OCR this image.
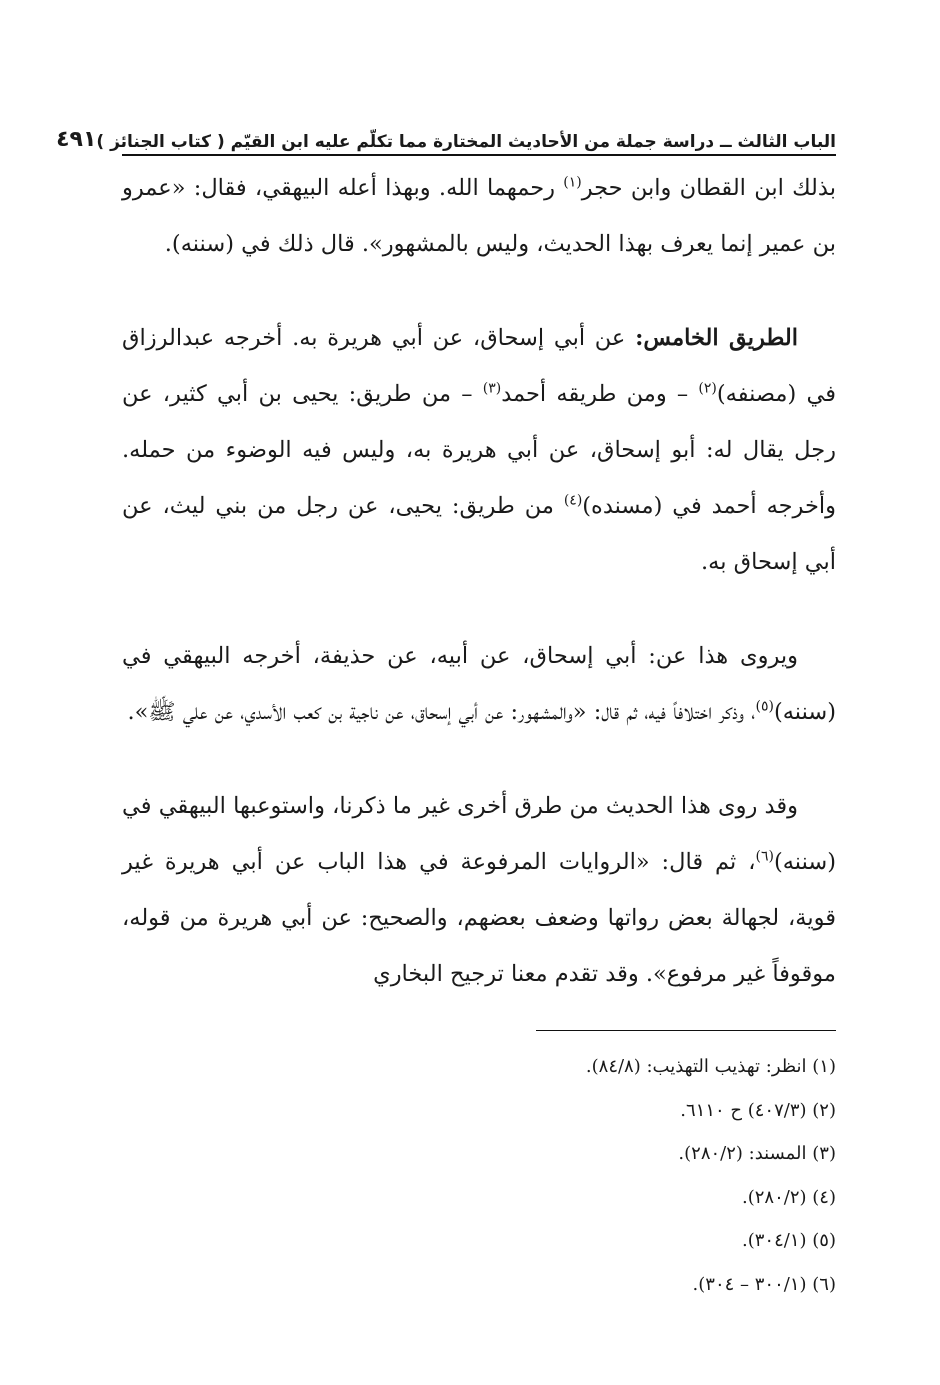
الباب الثالث ــ دراسة جملة من الأحاديث المختارة مما تكلّم عليه ابن القيّم ( كتاب الجنائز )
٤٩١

بذلك ابن القطان وابن حجر$^{(١)}$ رحمهما الله. وبهذا أعله البيهقي، فقال: «عمرو بن عمير إنما يعرف بهذا الحديث، وليس بالمشهور». قال ذلك في (سننه).

الطريق الخامس: عن أبي إسحاق، عن أبي هريرة به. أخرجه عبدالرزاق في (مصنفه)$^{(٢)}$ – ومن طريقه أحمد$^{(٣)}$ – من طريق: يحيى بن أبي كثير، عن رجل يقال له: أبو إسحاق، عن أبي هريرة به، وليس فيه الوضوء من حمله. وأخرجه أحمد في (مسنده)$^{(٤)}$ من طريق: يحيى، عن رجل من بني ليث، عن أبي إسحاق به.

ويروى هذا عن: أبي إسحاق، عن أبيه، عن حذيفة، أخرجه البيهقي في (سننه)$^{(٥)}$، وذكر اختلافاً فيه، ثم قال: «والمشهور: عن أبي إسحاق، عن ناجية بن كعب الأسدي، عن علي ﷺ».

وقد روى هذا الحديث من طرق أخرى غير ما ذكرنا، واستوعبها البيهقي في (سننه)$^{(٦)}$، ثم قال: «الروايات المرفوعة في هذا الباب عن أبي هريرة غير قوية، لجهالة بعض رواتها وضعف بعضهم، والصحيح: عن أبي هريرة من قوله، موقوفاً غير مرفوع». وقد تقدم معنا ترجيح البخاري

(١) انظر: تهذيب التهذيب: (٨٤/٨).
(٢) (٤٠٧/٣) ح ٦١١٠.
(٣) المسند: (٢٨٠/٢).
(٤) (٢٨٠/٢).
(٥) (٣٠٤/١).
(٦) (٣٠٠/١ – ٣٠٤).
